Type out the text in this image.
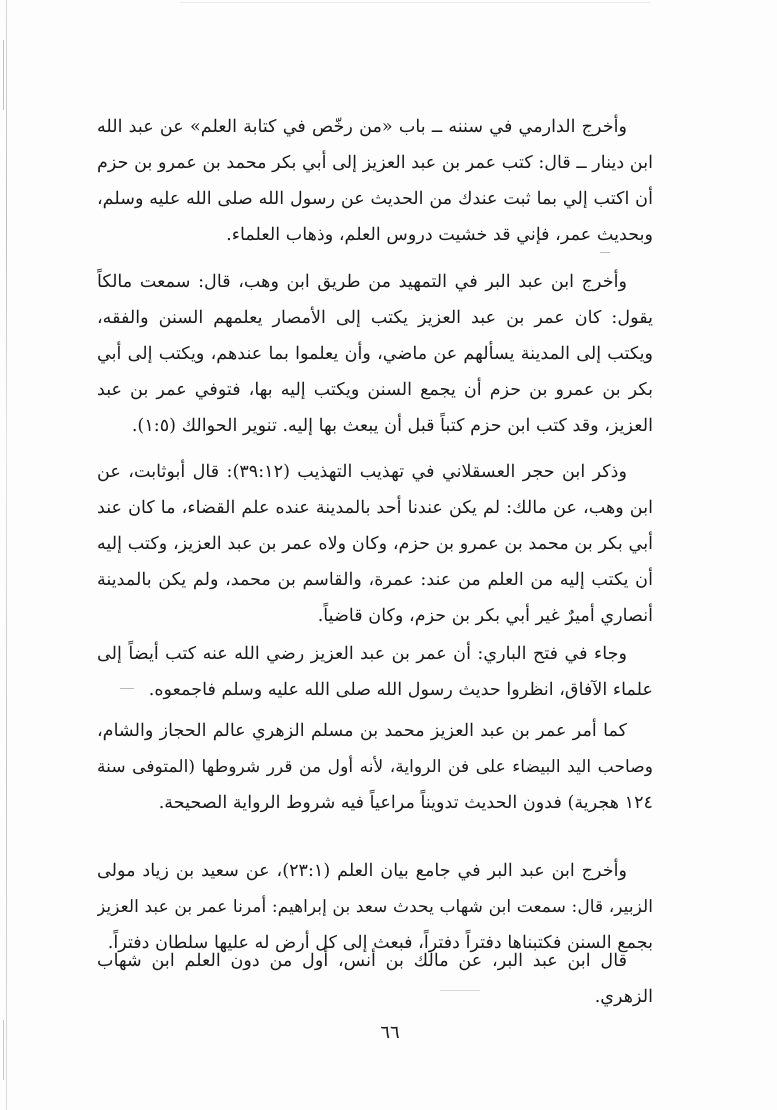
وأخرج الدارمي في سننه ــ باب «من رخّص في كتابة العلم» عن عبد الله
ابن دينار ــ قال: كتب عمر بن عبد العزيز إلى أبي بكر محمد بن عمرو بن حزم
أن اكتب إلي بما ثبت عندك من الحديث عن رسول الله صلى الله عليه وسلم،
وبحديث عمر، فإني قد خشيت دروس العلم، وذهاب العلماء.
وأخرج ابن عبد البر في التمهيد من طريق ابن وهب، قال: سمعت مالكاً
يقول: كان عمر بن عبد العزيز يكتب إلى الأمصار يعلمهم السنن والفقه،
ويكتب إلى المدينة يسألهم عن ماضي، وأن يعلموا بما عندهم، ويكتب إلى أبي
بكر بن عمرو بن حزم أن يجمع السنن ويكتب إليه بها، فتوفي عمر بن عبد
العزيز، وقد كتب ابن حزم كتباً قبل أن يبعث بها إليه. تنوير الحوالك (١:٥).
وذكر ابن حجر العسقلاني في تهذيب التهذيب (٣٩:١٢): قال أبوثابت، عن
ابن وهب، عن مالك: لم يكن عندنا أحد بالمدينة عنده علم القضاء، ما كان عند
أبي بكر بن محمد بن عمرو بن حزم، وكان ولاه عمر بن عبد العزيز، وكتب إليه
أن يكتب إليه من العلم من عند: عمرة، والقاسم بن محمد، ولم يكن بالمدينة
أنصاري أميرٌ غير أبي بكر بن حزم، وكان قاضياً.
وجاء في فتح الباري: أن عمر بن عبد العزيز رضي الله عنه كتب أيضاً إلى
علماء الآفاق، انظروا حديث رسول الله صلى الله عليه وسلم فاجمعوه.
كما أمر عمر بن عبد العزيز محمد بن مسلم الزهري عالم الحجاز والشام،
وصاحب اليد البيضاء على فن الرواية، لأنه أول من قرر شروطها (المتوفى سنة
١٢٤ هجرية) فدون الحديث تدويناً مراعياً فيه شروط الرواية الصحيحة.
وأخرج ابن عبد البر في جامع بيان العلم (٢٣:١)، عن سعيد بن زياد مولى
الزبير، قال: سمعت ابن شهاب يحدث سعد بن إبراهيم: أمرنا عمر بن عبد العزيز
بجمع السنن فكتبناها دفتراً دفتراً، فبعث إلى كل أرض له عليها سلطان دفتراً.
قال ابن عبد البر، عن مالك بن أنس، أول من دون العلم ابن شهاب
الزهري.
٦٦
